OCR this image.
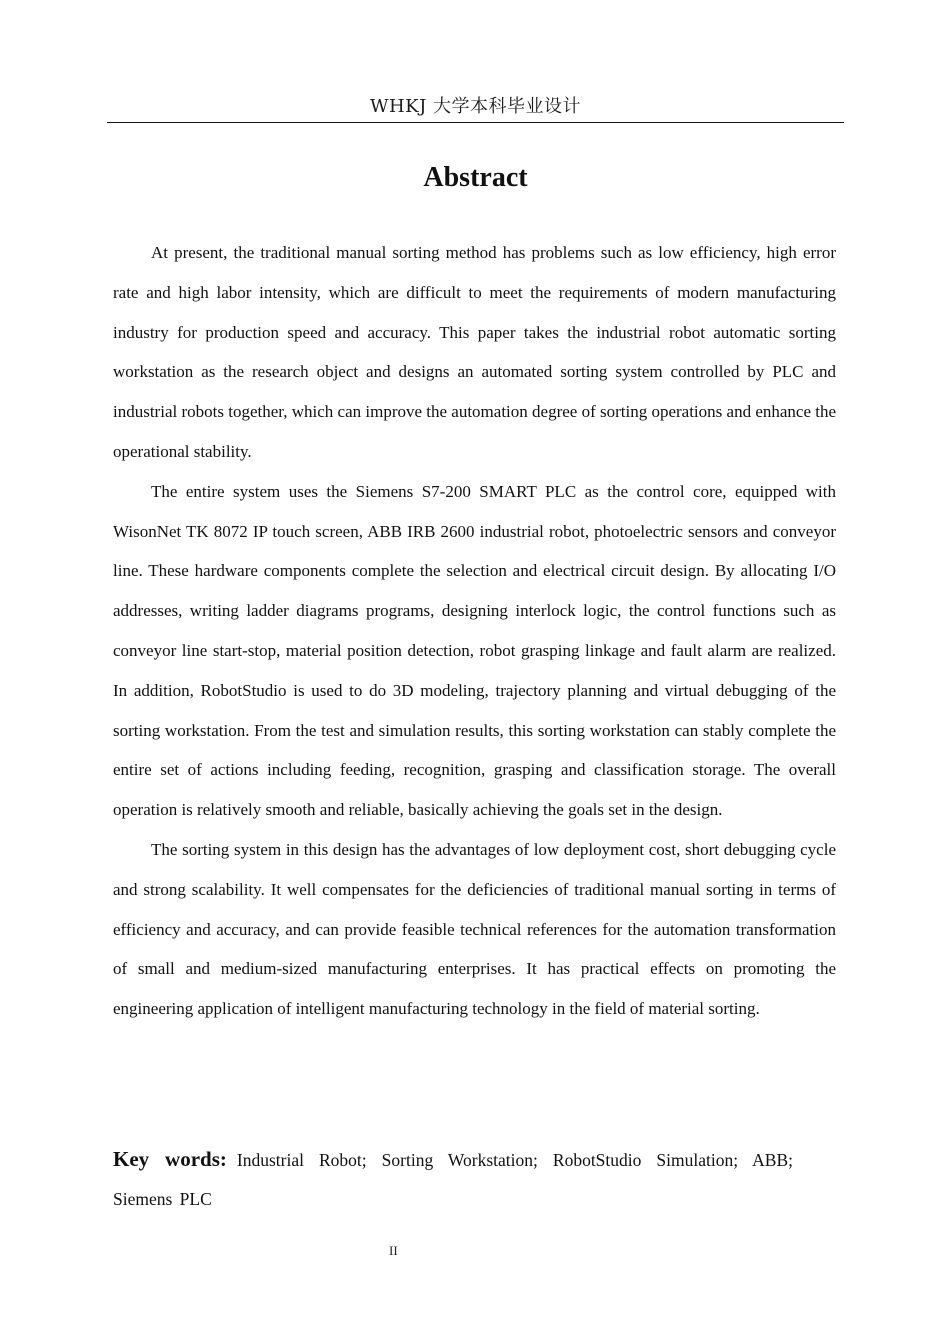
WHKJ 大学本科毕业设计
Abstract

At present, the traditional manual sorting method has problems such as low efficiency, high error rate and high labor intensity, which are difficult to meet the requirements of modern manufacturing industry for production speed and accuracy. This paper takes the industrial robot automatic sorting workstation as the research object and designs an automated sorting system controlled by PLC and industrial robots together, which can improve the automation degree of sorting operations and enhance the operational stability.

The entire system uses the Siemens S7-200 SMART PLC as the control core, equipped with WisonNet TK 8072 IP touch screen, ABB IRB 2600 industrial robot, photoelectric sensors and conveyor line. These hardware components complete the selection and electrical circuit design. By allocating I/O addresses, writing ladder diagrams programs, designing interlock logic, the control functions such as conveyor line start-stop, material position detection, robot grasping linkage and fault alarm are realized. In addition, RobotStudio is used to do 3D modeling, trajectory planning and virtual debugging of the sorting workstation. From the test and simulation results, this sorting workstation can stably complete the entire set of actions including feeding, recognition, grasping and classification storage. The overall operation is relatively smooth and reliable, basically achieving the goals set in the design.

The sorting system in this design has the advantages of low deployment cost, short debugging cycle and strong scalability. It well compensates for the deficiencies of traditional manual sorting in terms of efficiency and accuracy, and can provide feasible technical references for the automation transformation of small and medium-sized manufacturing enterprises. It has practical effects on promoting the engineering application of intelligent manufacturing technology in the field of material sorting.

Key words: Industrial Robot; Sorting Workstation; RobotStudio Simulation; ABB; Siemens PLC
II
